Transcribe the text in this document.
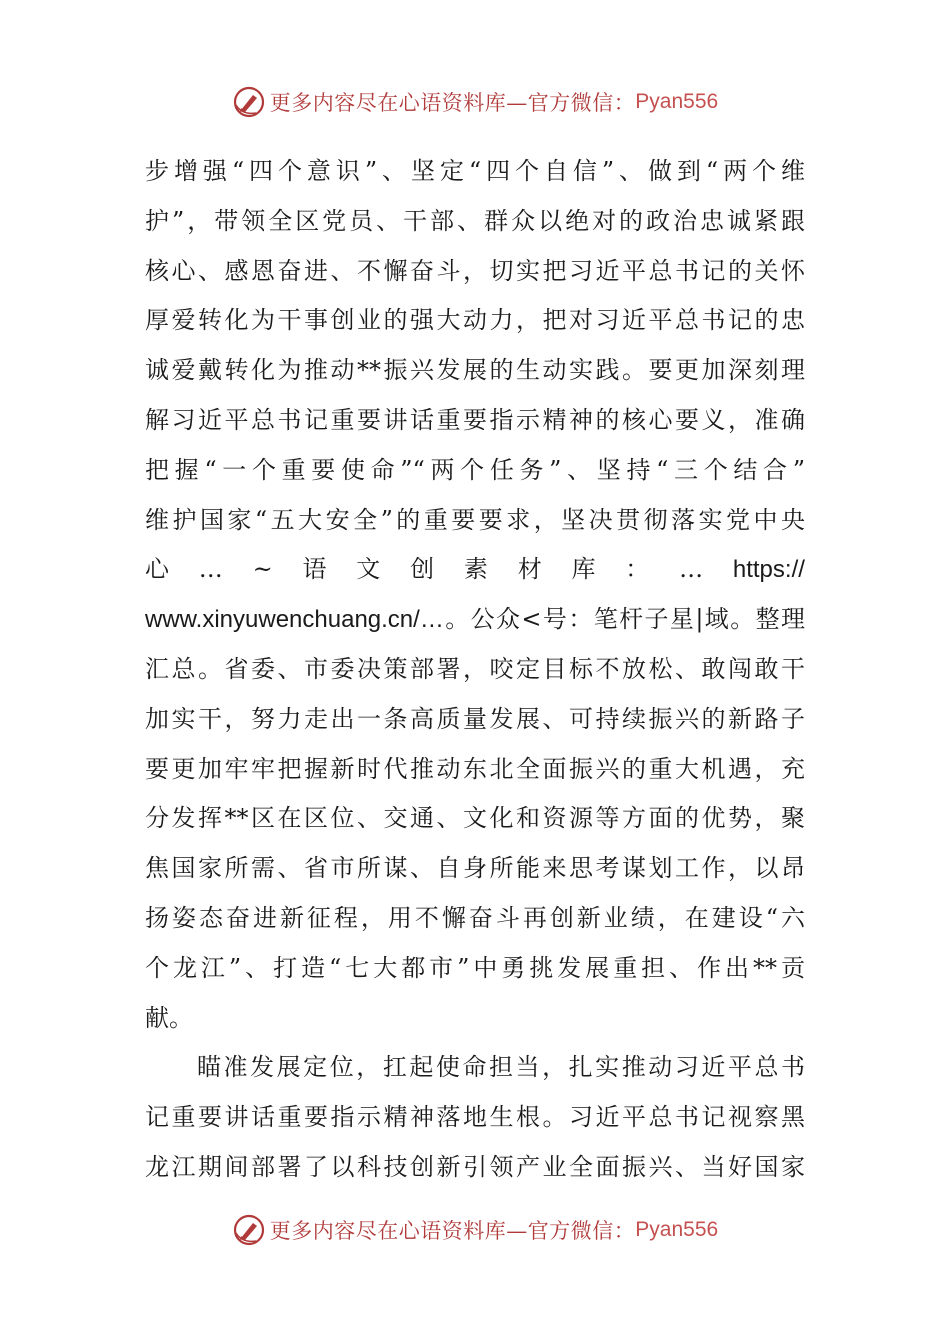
更多内容尽在心语资料库—官方微信： Pyan556
步增强“四个意识”、坚定“四个自信”、做到“两个维
护”，带领全区党员、干部、群众以绝对的政治忠诚紧跟
核心、感恩奋进、不懈奋斗，切实把习近平总书记的关怀
厚爱转化为干事创业的强大动力，把对习近平总书记的忠
诚爱戴转化为推动**振兴发展的生动实践。要更加深刻理
解习近平总书记重要讲话重要指示精神的核心要义，准确
把握“一个重要使命”“两个任务”、坚持“三个结合”
维护国家“五大安全”的重要要求，坚决贯彻落实党中央
心 … ~ 语 文 创 素 材 库 ： … https://
www.xinyuwenchuang.cn/…。公众<号：笔杆子星|域。整理
汇总。省委、市委决策部署，咬定目标不放松、敢闯敢干
加实干，努力走出一条高质量发展、可持续振兴的新路子
要更加牢牢把握新时代推动东北全面振兴的重大机遇，充
分发挥**区在区位、交通、文化和资源等方面的优势，聚
焦国家所需、省市所谋、自身所能来思考谋划工作，以昂
扬姿态奋进新征程，用不懈奋斗再创新业绩，在建设“六
个龙江”、打造“七大都市”中勇挑发展重担、作出**贡
献。
瞄准发展定位，扛起使命担当，扎实推动习近平总书
记重要讲话重要指示精神落地生根。习近平总书记视察黑
龙江期间部署了以科技创新引领产业全面振兴、当好国家
更多内容尽在心语资料库—官方微信： Pyan556
